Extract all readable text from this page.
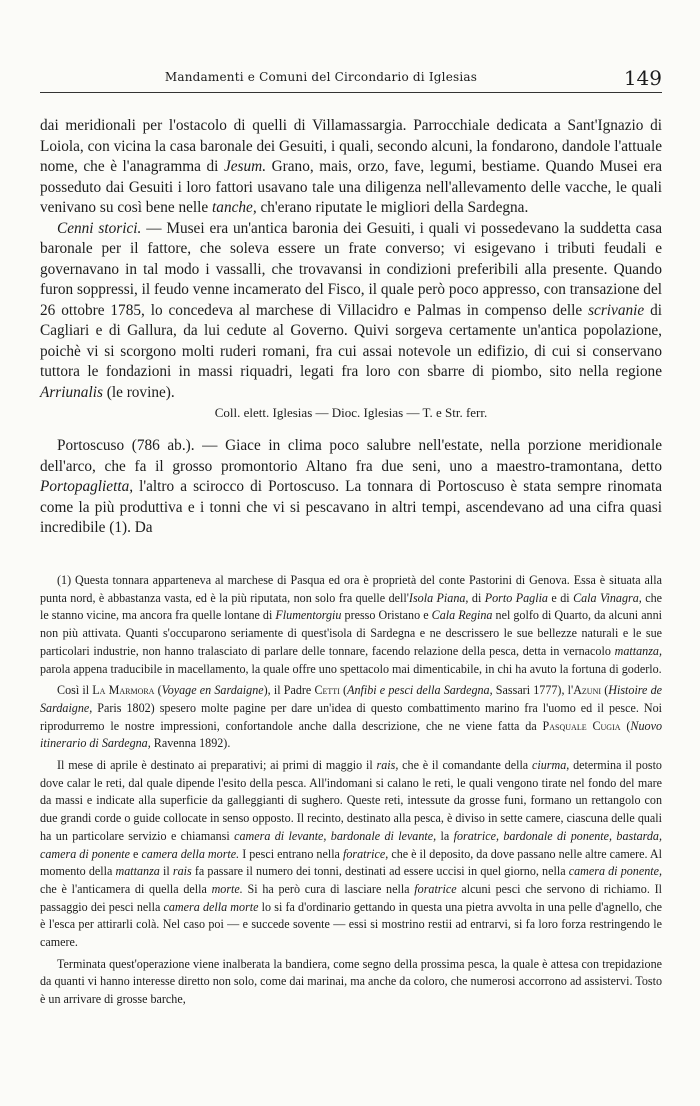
Mandamenti e Comuni del Circondario di Iglesias	149

dai meridionali per l'ostacolo di quelli di Villamassargia. Parrocchiale dedicata a Sant'Ignazio di Loiola, con vicina la casa baronale dei Gesuiti, i quali, secondo alcuni, la fondarono, dandole l'attuale nome, che è l'anagramma di Jesum. Grano, mais, orzo, fave, legumi, bestiame. Quando Musei era posseduto dai Gesuiti i loro fattori usavano tale una diligenza nell'allevamento delle vacche, le quali venivano su così bene nelle tanche, ch'erano riputate le migliori della Sardegna.

Cenni storici. — Musei era un'antica baronia dei Gesuiti, i quali vi possedevano la suddetta casa baronale per il fattore, che soleva essere un frate converso; vi esigevano i tributi feudali e governavano in tal modo i vassalli, che trovavansi in condizioni preferibili alla presente. Quando furon soppressi, il feudo venne incamerato del Fisco, il quale però poco appresso, con transazione del 26 ottobre 1785, lo concedeva al marchese di Villacidro e Palmas in compenso delle scrivanie di Cagliari e di Gallura, da lui cedute al Governo. Quivi sorgeva certamente un'antica popolazione, poichè vi si scorgono molti ruderi romani, fra cui assai notevole un edifizio, di cui si conservano tuttora le fondazioni in massi riquadri, legati fra loro con sbarre di piombo, sito nella regione Arriunalis (le rovine).

Coll. elett. Iglesias — Dioc. Iglesias — T. e Str. ferr.

Portoscuso (786 ab.). — Giace in clima poco salubre nell'estate, nella porzione meridionale dell'arco, che fa il grosso promontorio Altano fra due seni, uno a maestro-tramontana, detto Portopaglietta, l'altro a scirocco di Portoscuso. La tonnara di Portoscuso è stata sempre rinomata come la più produttiva e i tonni che vi si pescavano in altri tempi, ascendevano ad una cifra quasi incredibile (1). Da

(1) Questa tonnara apparteneva al marchese di Pasqua ed ora è proprietà del conte Pastorini di Genova. Essa è situata alla punta nord, è abbastanza vasta, ed è la più riputata, non solo fra quelle dell'Isola Piana, di Porto Paglia e di Cala Vinagra, che le stanno vicine, ma ancora fra quelle lontane di Flumentorgiu presso Oristano e Cala Regina nel golfo di Quarto, da alcuni anni non più attivata. Quanti s'occuparono seriamente di quest'isola di Sardegna e ne descrissero le sue bellezze naturali e le sue particolari industrie, non hanno tralasciato di parlare delle tonnare, facendo relazione della pesca, detta in vernacolo mattanza, parola appena traducibile in macellamento, la quale offre uno spettacolo mai dimenticabile, in chi ha avuto la fortuna di goderlo.

Così il La Marmora (Voyage en Sardaigne), il Padre Cetti (Anfibi e pesci della Sardegna, Sassari 1777), l'Azuni (Histoire de Sardaigne, Paris 1802) spesero molte pagine per dare un'idea di questo combattimento marino fra l'uomo ed il pesce. Noi riprodurremo le nostre impressioni, confortandole anche dalla descrizione, che ne viene fatta da Pasquale Cugia (Nuovo itinerario di Sardegna, Ravenna 1892).

Il mese di aprile è destinato ai preparativi; ai primi di maggio il rais, che è il comandante della ciurma, determina il posto dove calar le reti, dal quale dipende l'esito della pesca. All'indomani si calano le reti, le quali vengono tirate nel fondo del mare da massi e indicate alla superficie da galleggianti di sughero. Queste reti, intessute da grosse funi, formano un rettangolo con due grandi corde o guide collocate in senso opposto. Il recinto, destinato alla pesca, è diviso in sette camere, ciascuna delle quali ha un particolare servizio e chiamansi camera di levante, bardonale di levante, la foratrice, bardonale di ponente, bastarda, camera di ponente e camera della morte. I pesci entrano nella foratrice, che è il deposito, da dove passano nelle altre camere. Al momento della mattanza il rais fa passare il numero dei tonni, destinati ad essere uccisi in quel giorno, nella camera di ponente, che è l'anticamera di quella della morte. Si ha però cura di lasciare nella foratrice alcuni pesci che servono di richiamo. Il passaggio dei pesci nella camera della morte lo si fa d'ordinario gettando in questa una pietra avvolta in una pelle d'agnello, che è l'esca per attirarli colà. Nel caso poi — e succede sovente — essi si mostrino restii ad entrarvi, si fa loro forza restringendo le camere.

Terminata quest'operazione viene inalberata la bandiera, come segno della prossima pesca, la quale è attesa con trepidazione da quanti vi hanno interesse diretto non solo, come dai marinai, ma anche da coloro, che numerosi accorrono ad assistervi. Tosto è un arrivare di grosse barche,
